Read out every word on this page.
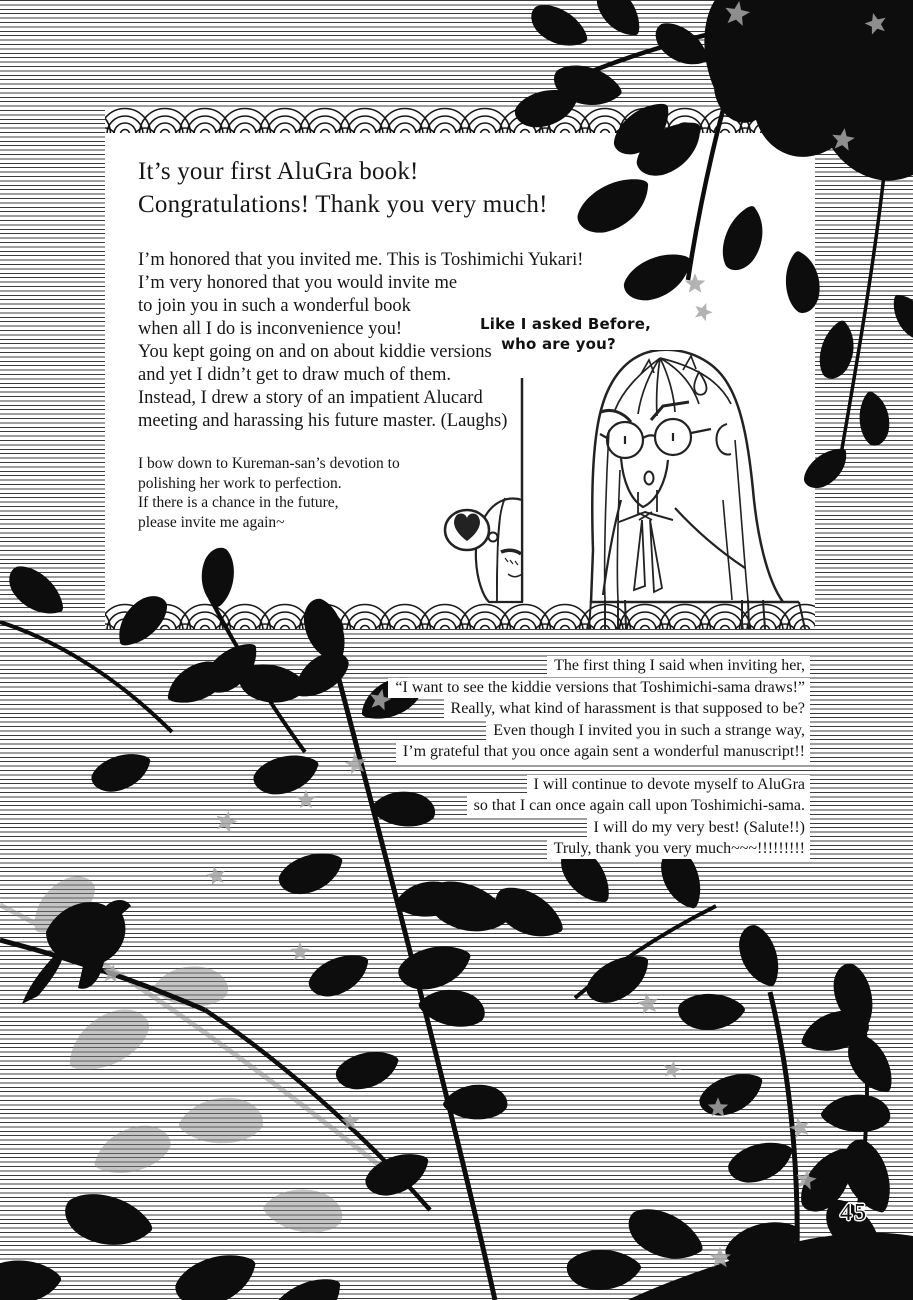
It’s your first AluGra book!
Congratulations! Thank you very much!
I’m honored that you invited me. This is Toshimichi Yukari!
I’m very honored that you would invite me
to join you in such a wonderful book
when all I do is inconvenience you!
You kept going on and on about kiddie versions
and yet I didn’t get to draw much of them.
Instead, I drew a story of an impatient Alucard
meeting and harassing his future master. (Laughs)
I bow down to Kureman-san’s devotion to
polishing her work to perfection.
If there is a chance in the future,
please invite me again~
Like I asked Before,
who are you?
The first thing I said when inviting her,
“I want to see the kiddie versions that Toshimichi-sama draws!”
Really, what kind of harassment is that supposed to be?
Even though I invited you in such a strange way,
I’m grateful that you once again sent a wonderful manuscript!!
I will continue to devote myself to AluGra
so that I can once again call upon Toshimichi-sama.
I will do my very best! (Salute!!)
Truly, thank you very much~~~!!!!!!!!!
45
